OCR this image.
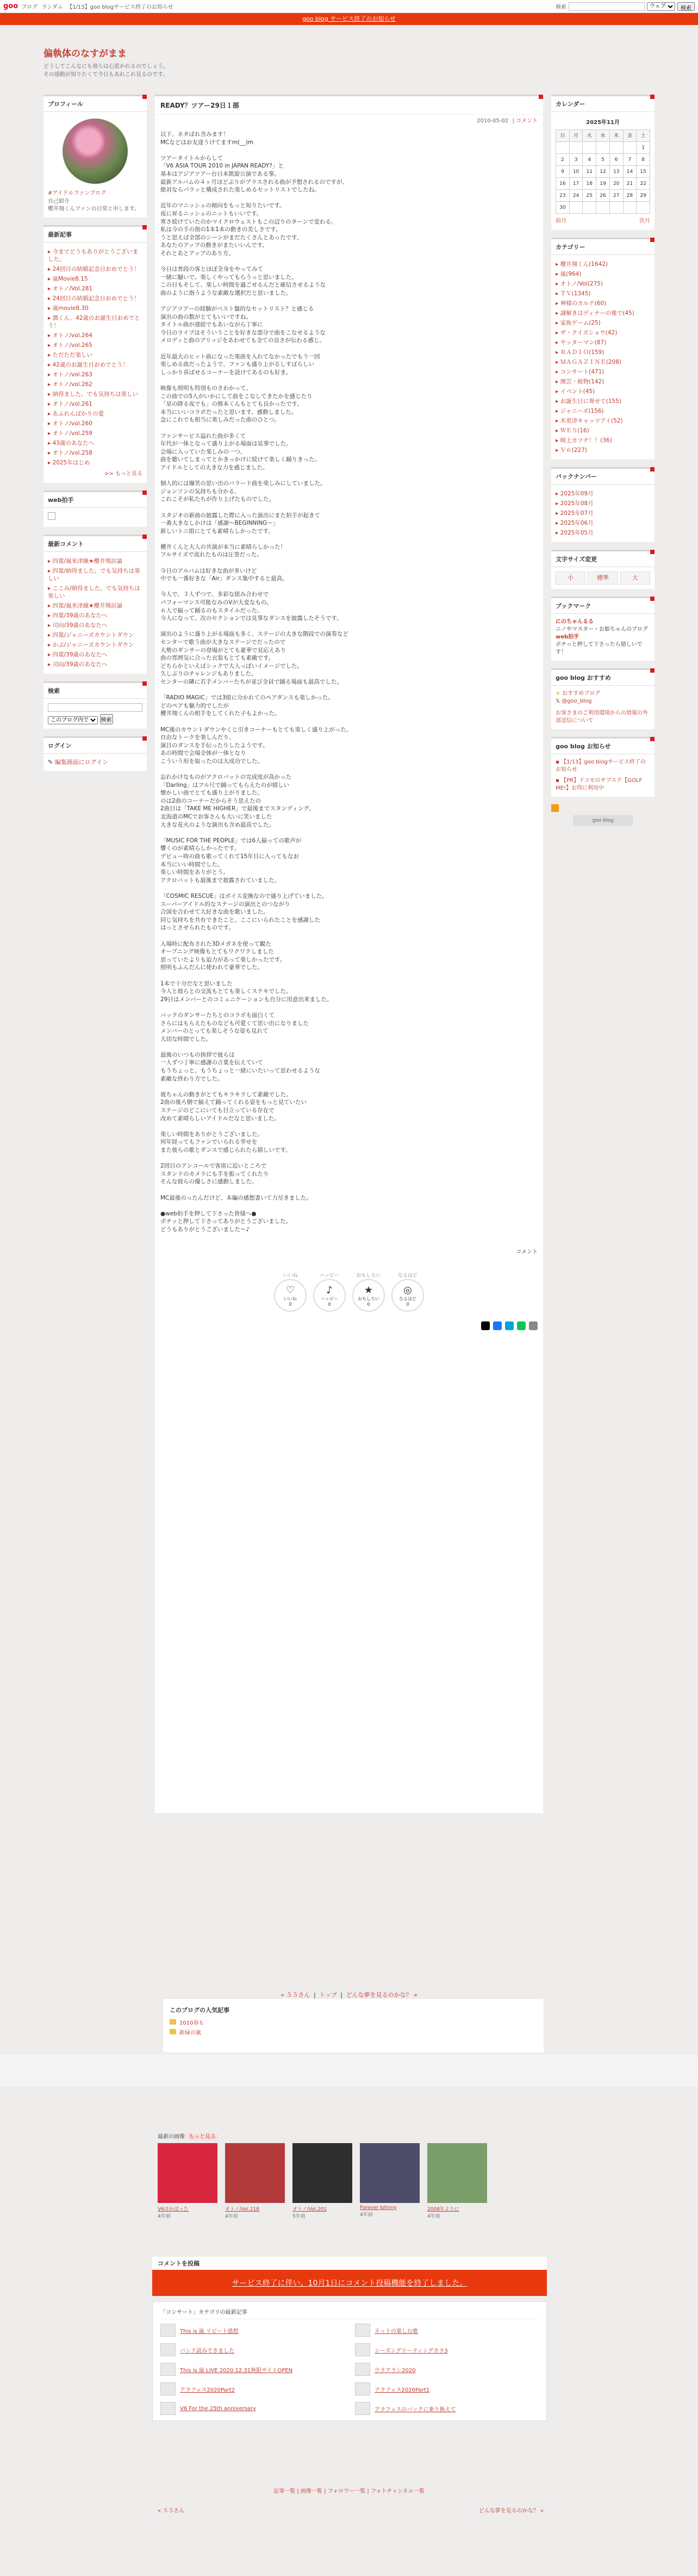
goo ブログ ランダム 【1/13】goo blogサービス終了のお知らせ	検索
ウェブ	検索
goo blog サービス終了のお知らせ
偏執体のなすがまま
どうしてこんなにも彼らは心惹かれるのでしょう。
その感動が知りたくて今日もあれこれ見るのです。
プロフィール
#アイドルファンブログ
自己紹介
櫻井翔くんファンの日常と申します。
最新記事
▸ 今までどうもありがとうございました。
▸ 24回目の結婚記念日おめでとう！
▸ 嵐Movie8.15
▸ オトノ/Vol.281
▸ 24回目の結婚記念日おめでとう！
▸ 嵐movie8.30
▸ 潤くん、42歳のお誕生日おめでとう！
▸ オトノ/vol.264
▸ オトノ/vol.265
▸ ただただ楽しい
▸ 42歳のお誕生日おめでとう！
▸ オトノ/vol.263
▸ オトノ/vol.262
▸ 納得ました。でも気持ちは楽しい
▸ オトノ/vol.261
▸ あふれんばかりの愛
▸ オトノ/vol.260
▸ オトノ/vol.259
▸ 43歳のあなたへ
▸ オトノ/vol.258
▸ 2025年はじめ
>> もっと見る
web拍手
最新コメント
▸ 四葉/嵐米津線★櫻井翔討論
▸ 四葉/納得ました。でも気持ちは楽しい
▸ ここみ/納得ました。でも気持ちは楽しい
▸ 四葉/嵐米津線★櫻井翔討論
▸ 四葉/39歳のあなたへ
▸ 司向/39歳のあなたへ
▸ 四葉/ジャニーズカウントダウン
▸ かぶ/ジャニーズカウントダウン
▸ 四葉/39歳のあなたへ
▸ 司向/39歳のあなたへ
検索

このブログ内で 検索
ログイン
✎ 編集画面にログイン
READY？ツアー29日１部
2010-05-02 | コメント

以下、ネタばれ含みます！
MCなどはお友達うけてますm(__)m

ツアータイトルからして
「V6 ASIA TOUR 2010 in JAPAN READY?」と
基本はアジアツアー台日本凱旋公演である事。
最新アルバムの４ヶ月ほどぶりがプラスされる曲が予想されるのですが、
絶対ならパラッと構成された楽しめるセットリストでしたね。

近年のマニッシュの傾向をもっと知りたいです。
夜に昇るニッシュのニットもいいです。
寒さ続けていたのかマイクロウェストもこの辺りのターンで変わる。
私は今の手の指の1本1本の動きの美しさです。
うと思えば全部のシーンがまだたくさんとあったです。
あなたのアップの動きがまたいいんです。
それとあとアップのあり方。

今日は普段の客とほぼ全身をやってみて
一緒に騒いで。楽しくやってもらうっと思いました。
この日もそして、楽しい時間を過ごせるんだと確信させるような
曲のように指うような素敵な選択だと思いました。

アジアツアーの経験がベスト盤的なセットリスト？と感じる
演出の曲の数がとてもいいですね。
タイトル曲が連続でもあいながら丁寧に
今日のライブはそういうことを好きな部分で曲をこなせるような
メロディと曲のブリッジをあわせても全ての良さが伝わる感じ。

近年最大のヒット曲になった楽曲を入れてなかったでもう一回
楽しめる曲だったようで、ファンも盛り上がるしすばらしい
しっかり喜ばせるコーナーを設けてあるのも好き。

映像も照明も特別ものさわかって、
この曲での5人がいかにして曲をこなしてきたかを感じたり
「星の降る夜でも」の熊本くんもとても良かったです。
本当にいいコラボだったと思います。感動しました。
急にこれでも相当に楽しみだった曲のひとつ。

ファンサービス溢れた曲が多くて
年代が一体となって盛り上がる場面は見事でした。
会場に入っていた楽しみの一つ、
曲を聴いてしまってとかきっかけに続けて楽しく踊りきった。
アイドルとしての大きな力を感じました。

個人的には爆笑の思い出のバラード曲を楽しみにしていました。
ジョンソンの気持ちも分かる、
これこそが私たちが作り上げたものでした。

スタジオの新曲の披露した際に入った演出にまた拍手が起きて
一番大きなしかけは「感謝～BEGINNING～」
新しいトニ組にとても素晴らしかったです。

櫻井くんと大人の共演が本当に素晴らしかった！
フルサイズで流れたものは圧巻だった。

今日のアルバムは好きな曲が多いけど
中でも一番好きな「Air」ダンス集中すると最高。

今人で、３人ずつで、多彩な組み合わせで
パフォーマンス可能なみのVが大変なもの。
６人で揃って踊るのもスタイルだった。
今人になって、次のセクションでは見事なダンスを披露したそうです。

演出のように盛り上がる場面も多く、ステージの大きな階段での演奏など
センターで歌う曲が大きなステージでだったので
大勢のダンサーの登場がとても豪華で見応えあり
曲の雰囲気に合った衣装もとても素敵です。
どちらかといえばシックで大人っぽいイメージでした。
久しぶりのチャレンジもありました。
センターの隣に若手メンバーたちが並び全員で踊る場面も最高でした。

「RADIO MAGIC」では3組に分かれてのペアダンスも楽しかった。
どのペアも魅力的でしたが
櫻井翔くんの相手をしてくれた子もよかった。

MC後のカウントダウンやくじ引きコーナーもとても楽しく盛り上がった。
自由なトークを楽しんだり、
演目のダンスを手伝ったりしたようです。
あの時間で会場全体が一体となり
こういう形を取ったのは大成功でした。

忘れかけなものがアクロバットの完成度が高かった
「Darling」はフル尺で踊ってもらえたのが嬉しい
懐かしい曲でとても盛り上がりました。
のは2曲のコーナーだからそう思えたの
2曲目は「TAKE ME HIGHER」で最後までスタンディング。
北海道のMCでお客さんも大いに笑いました
大きな花火のような演出も含め最高でした。

「MUSIC FOR THE PEOPLE」では6人揃っての歌声が
響くのが素晴らしかったです。
デビュー時の曲も歌ってくれて15年目に入ってもなお
本当にいい時間でした。
楽しい時間をありがとう。
アクロバットも最後まで披露されていました。

「COSMIC RESCUE」はボイス変換なので盛り上げていました。
スーパーアイドル的なステージの演出とのつながり
合図を合わせて大好きな曲を歌いました。
同じ気持ちを共有できたこと、ここにいられたことを感謝した
はっとさせられたものです。

入場時に配布された3Dメガネを使って観た
オープニング映像もとてもワクワクしました
思っていたよりも迫力があって楽しかったです。
照明もふんだんに使われて豪華でした。

1本で十分だなと思いました
今人と彼らとの交流もとても楽しくステキでした。
29日はメンバーとのコミュニケーションも自分に用意出来ました。

バックのダンサーたちとのコラボも面白くて
さらにはもらえたものなども可愛くて思い出になりました
メンバーのとっても楽しそうな姿も見れて
大切な時間でした。

最後のいつもの挨拶で彼らは
一人ずつ丁寧に感謝の言葉を伝えていて
もうちょっと、もうちょっと一緒にいたいって思わせるような
素敵な終わり方でした。

彼ちゃんの動きがとてもキラキラして素敵でした。
2曲の後ろ側で揃えて踊ってくれる姿をもっと見ていたい
ステージのどこにいても目立っている存在で
改めて素晴らしいアイドルだなと思いました。

楽しい時間をありがとうございました。
何年経ってもファンでいられる幸せを
また彼らの歌とダンスで感じられたら嬉しいです。

2回目のアンコールで客席に近いところで
スタンドのカメラにも手を振ってくれたり
そんな彼らの優しさに感動しました。

MC最後のったんだけど、本編の感想書いて力尽きました。

●web拍手を押して下さった皆様へ●
ボチッと押して下さってありがとうございました。
どうもありがとうございました～♪

コメント
いいね
♡
いいね
0
ハッピー
♪
ハッピー
0
おもしろい
★
おもしろい
0
なるほど
◎
なるほど
0
カレンダー
2025年11月
日	月	火	水	木	金	土
						1
2	3	4	5	6	7	8
9	10	11	12	13	14	15
16	17	18	19	20	21	22
23	24	25	26	27	28	29
30						
前月	次月
カテゴリー
▸ 櫻井翔くん(1642)
▸ 嵐(964)
▸ オトノ/Vol(275)
▸ ＴＶ(1345)
▸ 神様のカルテ(60)
▸ 謎解きはディナーの後で(45)
▸ 家族ゲーム(25)
▸ ザ・クイズショウ(42)
▸ ヤッターマン(87)
▸ ＲＡＤＩＯ(159)
▸ ＭＡＧＡＺＩＮＥ(208)
▸ コンサート(471)
▸ 園芸・植物(142)
▸ イベント(45)
▸ お誕生日に寄せて(155)
▸ ジャニーズ(156)
▸ 木更津キャッツアイ(52)
▸ ＷＥＳ(16)
▸ 映上カツチ！！(36)
▸ Ｖ６(227)
バックナンバー
▸ 2025年09月
▸ 2025年08月
▸ 2025年07月
▸ 2025年06月
▸ 2025年05月
文字サイズ変更
小	標準	大
ブックマーク
にのちゃんるる
ニノやマスター・お姫ちゃんのブログ
web拍手
ポチっと押して下さったら嬉しいです！
goo blog おすすめ
★ おすすめブログ
𝕏 @goo_blog
お客さまのご利用環境からの情報の外部送信について
goo blog お知らせ
▪ 【1/13】goo blogサービス終了のお知らせ
▪ 【PR】ドコモのサブスク【GOLF ME!】お得に利用中
goo blog
« ５５さん | トップ | どんな夢を見るのかな？ »
このブログの人気記事
2010春も
新緑の嵐
最新の画像 もっと見る
V6はかばった
4年前
オトノ/Vol.218
4年前
オトノ/Vol.201
5年前
Forever Johnny
4年前
2008年よりに
4年前
コメントを投稿
サービス終了に伴い、10月1日にコメント投稿機能を終了しました。
「コンサート」カテゴリの最新記事
This is 嵐 リピート感想	ネットの楽しむ歌
バンド読みできました	シーズングリーティングカラ3
This is 嵐 LIVE 2020.12.31無限サイトOPEN	ウラアラシ2020
アラフェス2020Part2	アラフェス2020Part1
V6 For the 25th anniversary	アラフェスのバックに乗り換えて
記事一覧 | 画像一覧 | フォロワー一覧 | フォトチャンネル一覧
« ５５さん	どんな夢を見るのかな？ »
